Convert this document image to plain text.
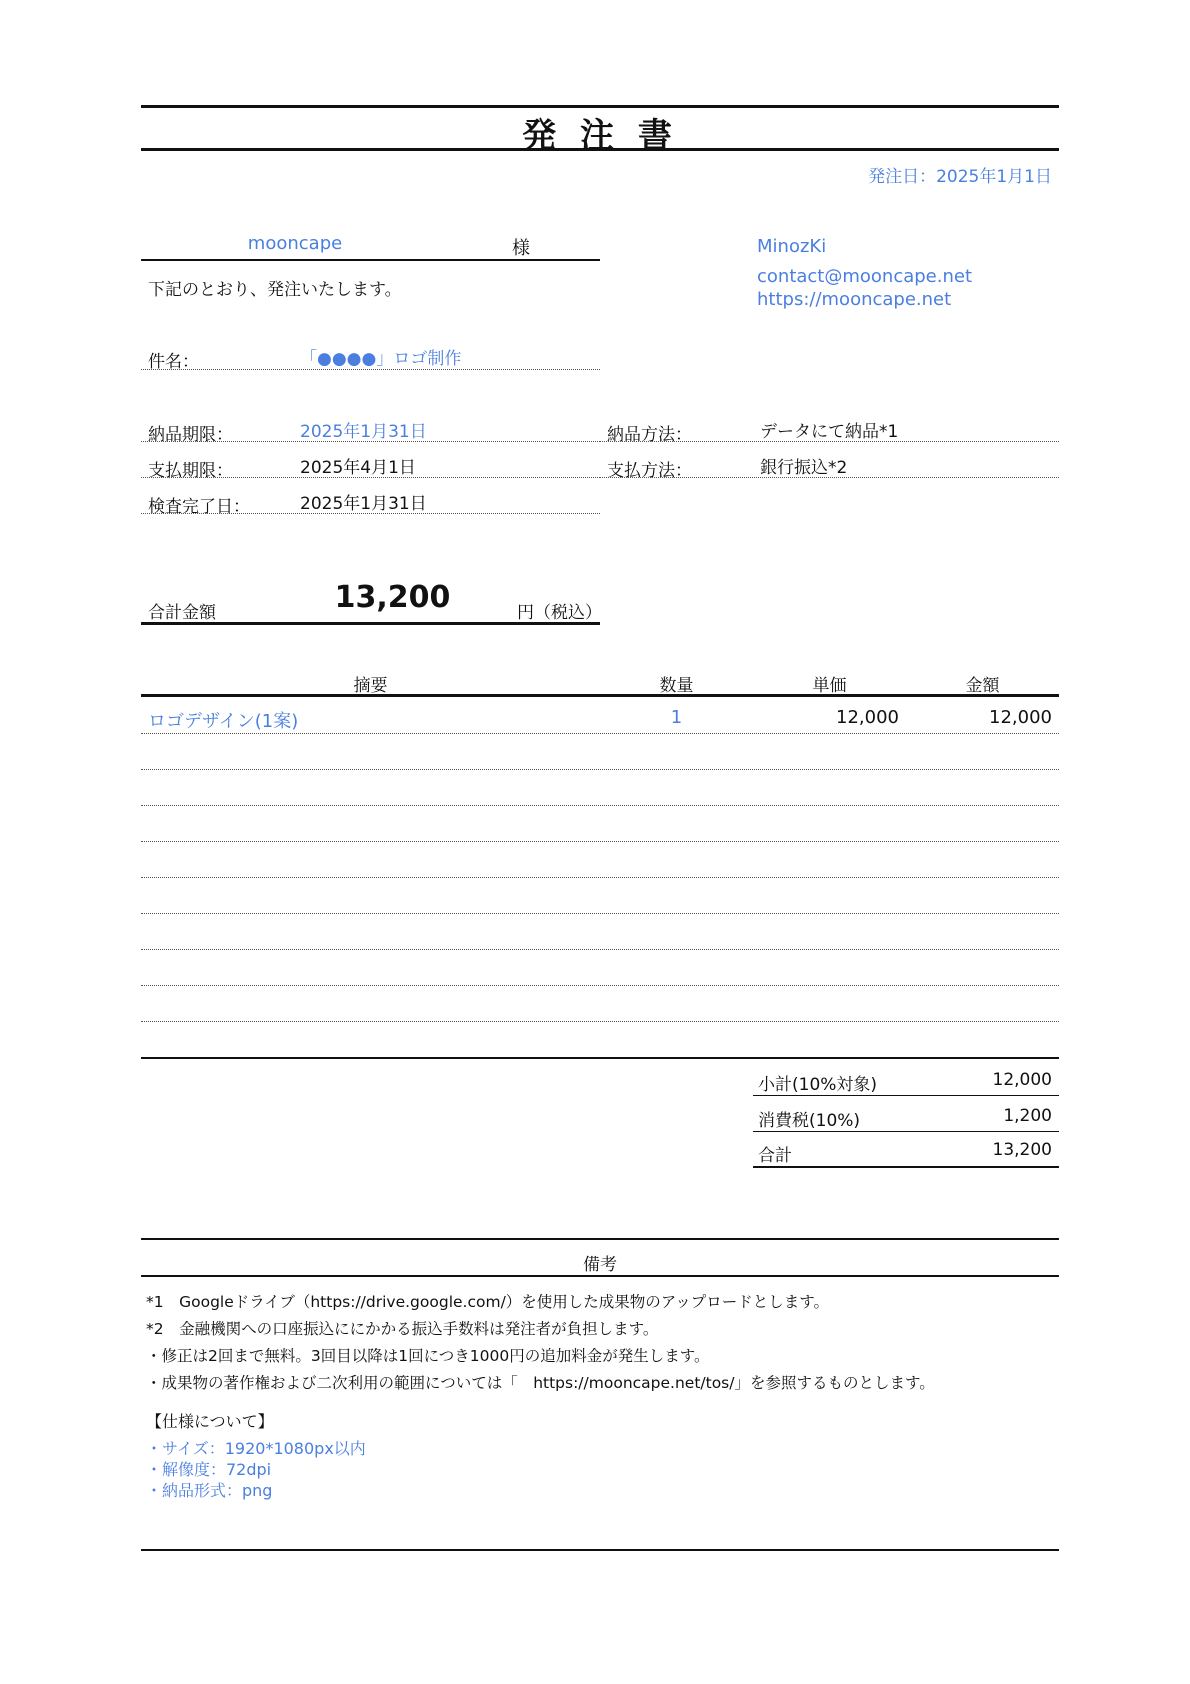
発 注 書
発注日：2025年1月1日
mooncape	様
下記のとおり、発注いたします。
MinozKi
contact@mooncape.net
https://mooncape.net
件名：	「●●●●」ロゴ制作
納品期限：	2025年1月31日
支払期限：	2025年4月1日
検査完了日：	2025年1月31日
納品方法：	データにて納品*1
支払方法：	銀行振込*2
合計金額	13,200	円（税込）
摘要	数量	単価	金額
ロゴデザイン(1案)	1	12,000	12,000
小計(10%対象)	12,000
消費税(10%)	1,200
合計	13,200
備考
*1　Googleドライブ（https://drive.google.com/）を使用した成果物のアップロードとします。
*2　金融機関への口座振込ににかかる振込手数料は発注者が負担します。
・修正は2回まで無料。3回目以降は1回につき1000円の追加料金が発生します。
・成果物の著作権および二次利用の範囲については「　https://mooncape.net/tos/」を参照するものとします。
【仕様について】
・サイズ：1920*1080px以内
・解像度：72dpi
・納品形式：png
